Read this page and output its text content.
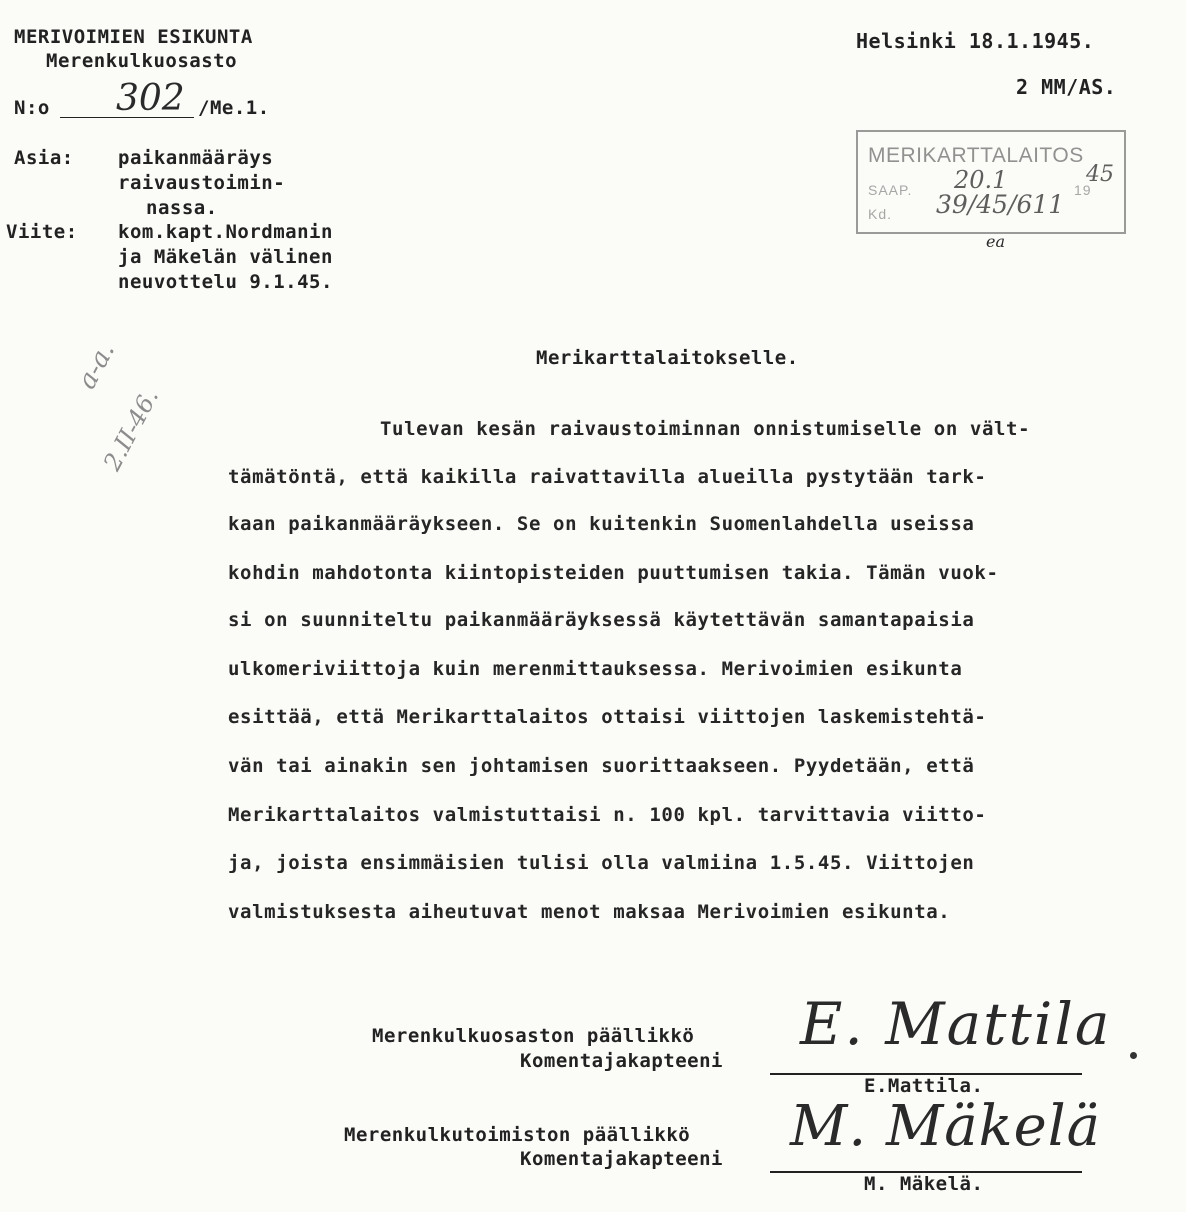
MERIVOIMIEN ESIKUNTA
Merenkulkuosasto
N:o 302 /Me.1.
Helsinki 18.1.1945.
2 MM/AS.
Asia: paikanmääräys
raivaustoimin-
nassa.
Viite: kom.kapt.Nordmanin
ja Mäkelän välinen
neuvottelu 9.1.45.
MERIKARTTALAITOS
SAAP.	19
Kd.
20.1	45
39/45/611
ea
a-a.
2.II-46.
Merikarttalaitokselle.
Tulevan kesän raivaustoiminnan onnistumiselle on vält-
tämätöntä, että kaikilla raivattavilla alueilla pystytään tark-
kaan paikanmääräykseen. Se on kuitenkin Suomenlahdella useissa
kohdin mahdotonta kiintopisteiden puuttumisen takia. Tämän vuok-
si on suunniteltu paikanmääräyksessä käytettävän samantapaisia
ulkomeriviittoja kuin merenmittauksessa. Merivoimien esikunta
esittää, että Merikarttalaitos ottaisi viittojen laskemistehtä-
vän tai ainakin sen johtamisen suorittaakseen. Pyydetään, että
Merikarttalaitos valmistuttaisi n. 100 kpl. tarvittavia viitto-
ja, joista ensimmäisien tulisi olla valmiina 1.5.45. Viittojen
valmistuksesta aiheutuvat menot maksaa Merivoimien esikunta.
Merenkulkuosaston päällikkö
Komentajakapteeni
E. Mattila
E.Mattila.
Merenkulkutoimiston päällikkö
Komentajakapteeni M. Mäkelä
M. Mäkelä.
